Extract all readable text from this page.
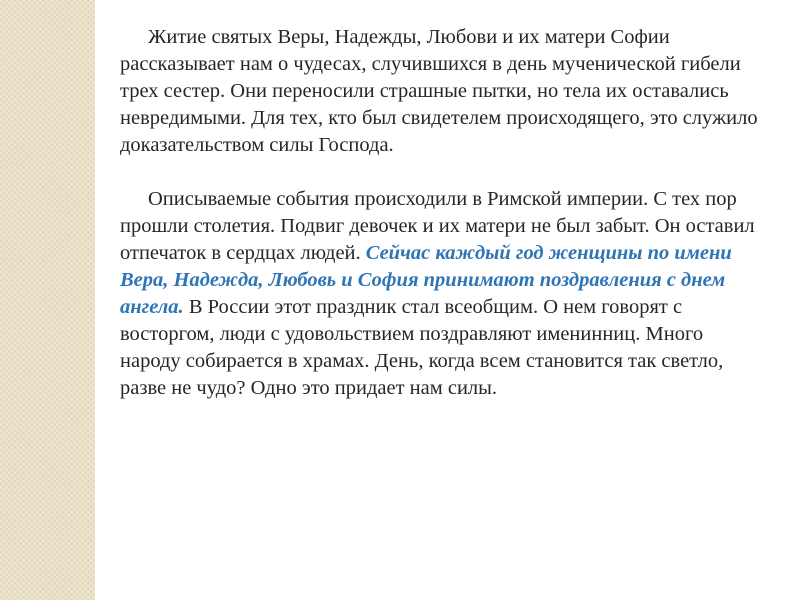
Житие святых Веры, Надежды, Любови и их матери Софии рассказывает нам о чудесах, случившихся в день мученической гибели трех сестер. Они переносили страшные пытки, но тела их оставались невредимыми. Для тех, кто был свидетелем происходящего, это служило доказательством силы Господа.

Описываемые события происходили в Римской империи. С тех пор прошли столетия. Подвиг девочек и их матери не был забыт. Он оставил отпечаток в сердцах людей. Сейчас каждый год женщины по имени Вера, Надежда, Любовь и София принимают поздравления с днем ангела. В России этот праздник стал всеобщим. О нем говорят с восторгом, люди с удовольствием поздравляют именинниц. Много народу собирается в храмах. День, когда всем становится так светло, разве не чудо? Одно это придает нам силы.
